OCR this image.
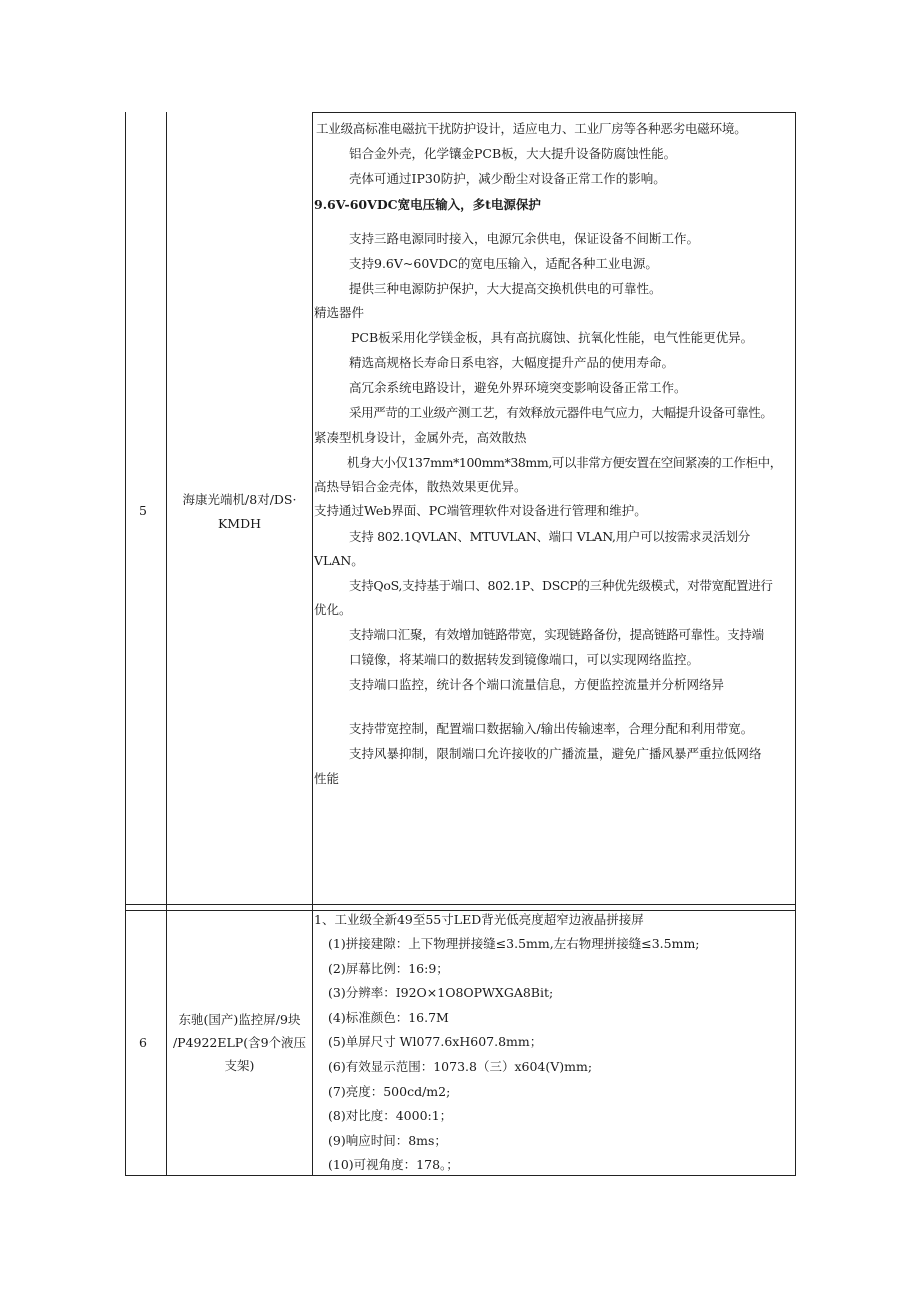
5
海康光端机/8对/DS·
KMDH
工业级高标准电磁抗干扰防护设计，适应电力、工业厂房等各种恶劣电磁环境。
铝合金外壳，化学镶金PCB板，大大提升设备防腐蚀性能。
壳体可通过IP30防护，减少酚尘对设备正常工作的影响。
9.6V-60VDC宽电压输入，多t电源保护
支持三路电源同时接入，电源冗余供电，保证设备不间断工作。
支持9.6V~60VDC的宽电压输入，适配各种工业电源。
提供三种电源防护保护，大大提高交换机供电的可靠性。
精选器件
PCB板采用化学镁金板，具有高抗腐蚀、抗氧化性能，电气性能更优异。
精选高规格长寿命日系电容，大幅度提升产品的使用寿命。
高冗余系统电路设计，避免外界环境突变影响设备正常工作。
采用严苛的工业级产测工艺，有效释放元器件电气应力，大幅提升设备可靠性。
紧凑型机身设计，金属外壳，高效散热
机身大小仅137mm*100mm*38mm,可以非常方便安置在空间紧凑的工作柜中，
高热导铝合金壳体，散热效果更优异。
支持通过Web界面、PC端管理软件对设备进行管理和维护。
支持 802.1QVLAN、MTUVLAN、端口 VLAN,用户可以按需求灵活划分
VLAN。
支持QoS,支持基于端口、802.1P、DSCP的三种优先级模式，对带宽配置进行
优化。
支持端口汇聚，有效增加链路带宽，实现链路备份，提高链路可靠性。支持端
口镜像，将某端口的数据转发到镜像端口，可以实现网络监控。
支持端口监控，统计各个端口流量信息，方便监控流量并分析网络异
支持带宽控制，配置端口数据输入/输出传输速率，合理分配和利用带宽。
支持风暴抑制，限制端口允许接收的广播流量，避免广播风暴严重拉低网络
性能
6
东驰(国产)监控屏/9块
/P4922ELP(含9个液压
支架)
1、工业级全新49至55寸LED背光低亮度超窄边液晶拼接屏
(1)拼接建隙：上下物理拼接缝≤3.5mm,左右物理拼接缝≤3.5mm;
(2)屏幕比例：16:9；
(3)分辨率：I92O×1O8OPWXGA8Bit;
(4)标准颜色：16.7M
(5)单屏尺寸 Wl077.6xH607.8mm；
(6)有效显示范围：1073.8（三）x604(V)mm;
(7)亮度：500cd/m2;
(8)对比度：4000:1；
(9)响应时间：8ms；
(10)可视角度：178。；
